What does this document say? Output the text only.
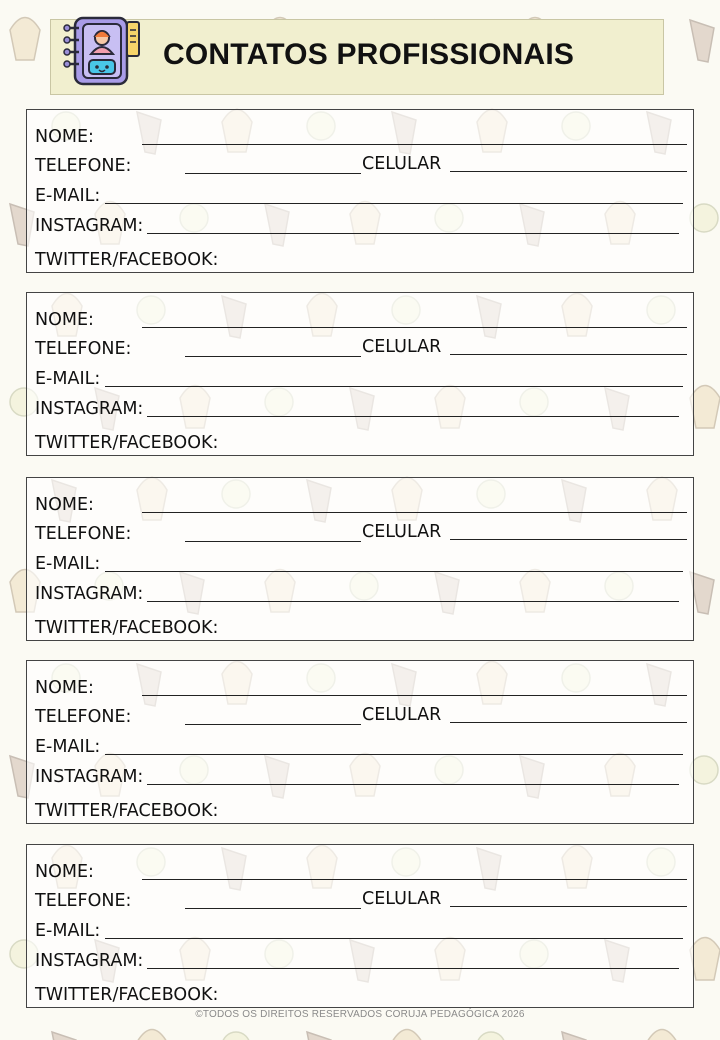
CONTATOS PROFISSIONAIS
NOME:
TELEFONE:
E-MAIL:
INSTAGRAM:
TWITTER/FACEBOOK:
CELULAR
NOME:
TELEFONE:
E-MAIL:
INSTAGRAM:
TWITTER/FACEBOOK:
CELULAR
NOME:
TELEFONE:
E-MAIL:
INSTAGRAM:
TWITTER/FACEBOOK:
CELULAR
NOME:
TELEFONE:
E-MAIL:
INSTAGRAM:
TWITTER/FACEBOOK:
CELULAR
NOME:
TELEFONE:
E-MAIL:
INSTAGRAM:
TWITTER/FACEBOOK:
CELULAR
©TODOS OS DIREITOS RESERVADOS CORUJA PEDAGÓGICA 2026
